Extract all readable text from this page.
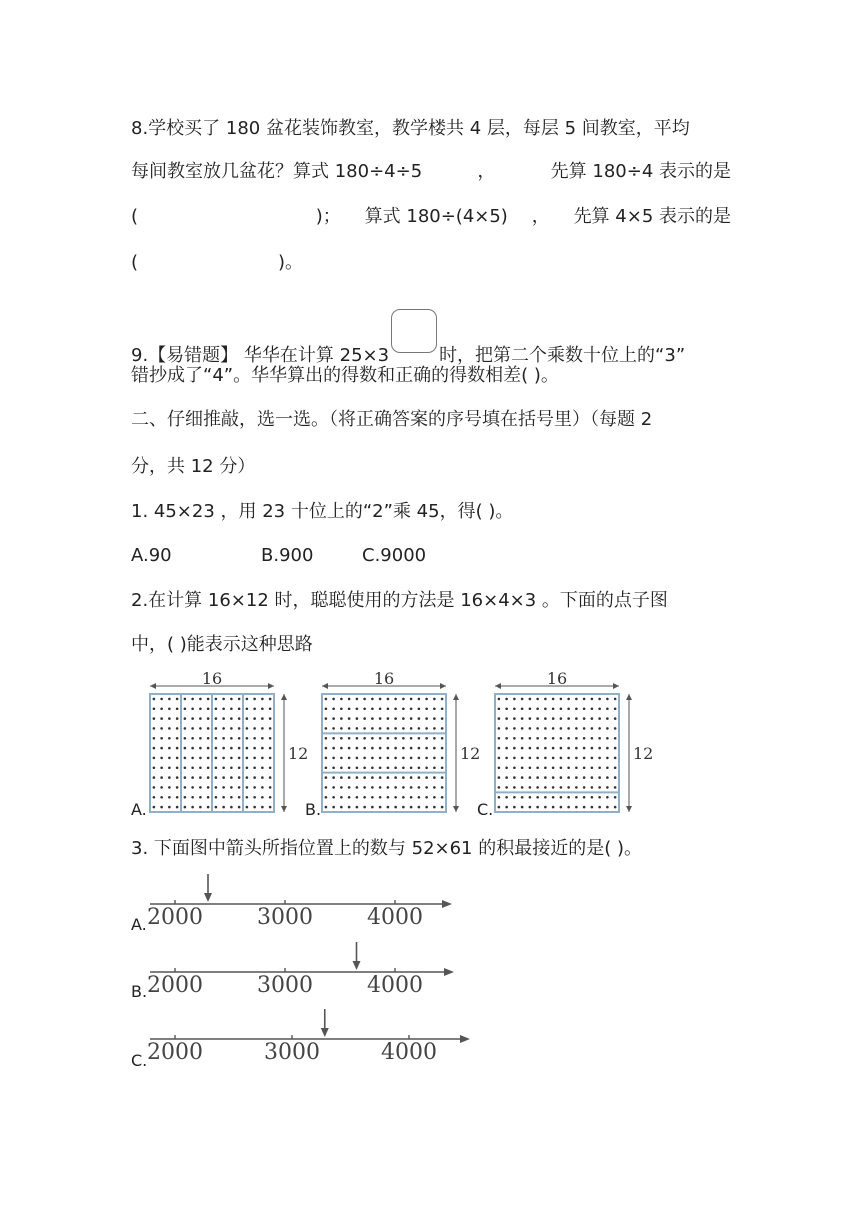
8.学校买了 180 盆花装饰教室，教学楼共 4 层，每层 5 间教室，平均
每间教室放几盆花？算式 180÷4÷5	，	先算 180÷4 表示的是
(	)； 算式 180÷(4×5) ， 先算 4×5 表示的是
(	)。
9.【易错题】 华华在计算 25×3	时，把第二个乘数十位上的“3”
错抄成了“4”。华华算出的得数和正确的得数相差( )。
二、仔细推敲，选一选。（将正确答案的序号填在括号里）（每题 2
分，共 12 分）
1. 45×23 ，用 23 十位上的“2”乘 45，得( )。
A.90	B.900	C.9000
2.在计算 16×12 时，聪聪使用的方法是 16×4×3 。下面的点子图
中，( )能表示这种思路
16
12
16
12
16
12
A.	B.	C.
3. 下面图中箭头所指位置上的数与 52×61 的积最接近的是( )。
2000 3000 4000
2000 3000 4000
2000	3000	4000
A.
B.
C.
